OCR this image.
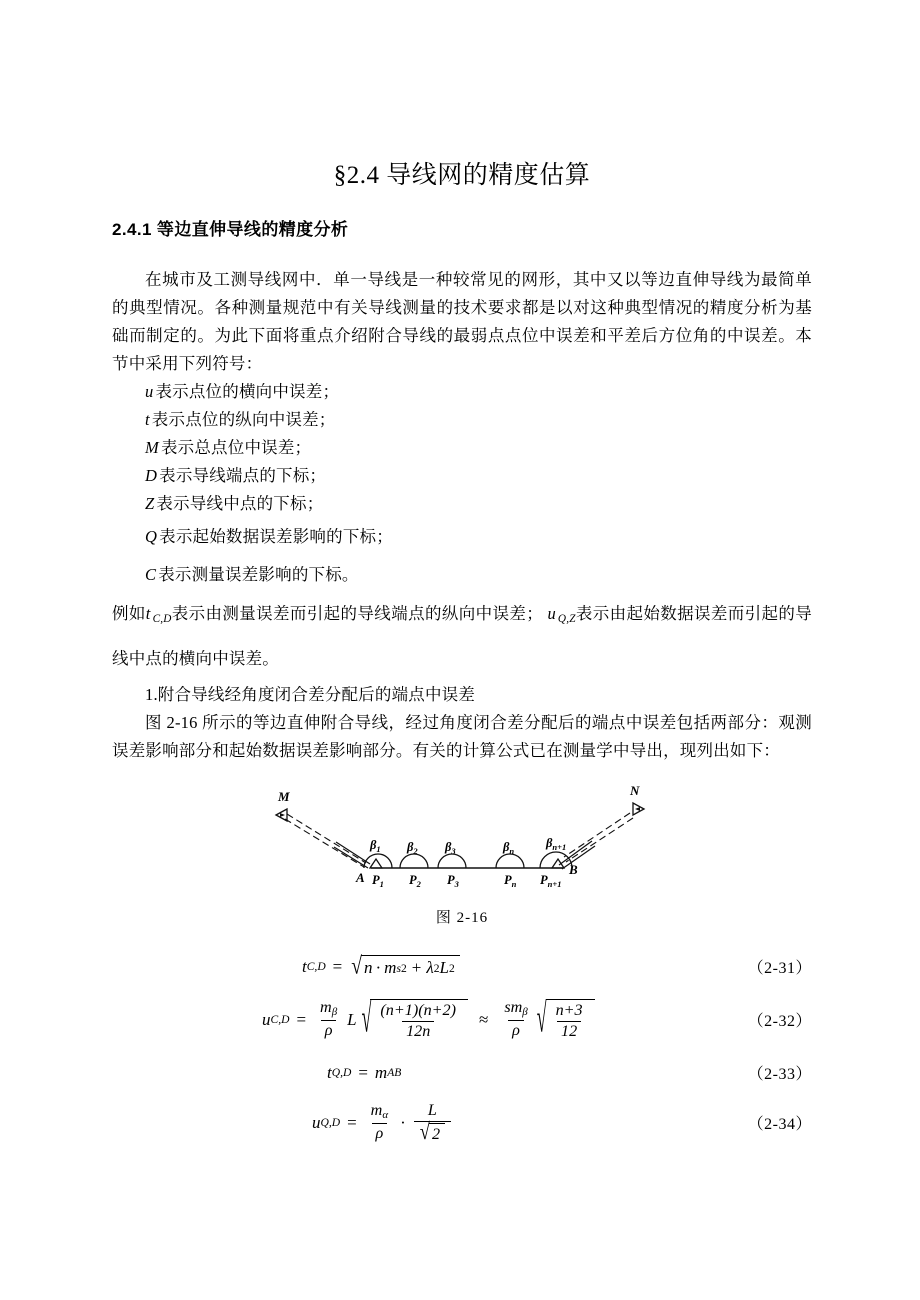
§2.4 导线网的精度估算
2.4.1 等边直伸导线的精度分析

在城市及工测导线网中．单一导线是一种较常见的网形，其中又以等边直伸导线为最简单的典型情况。各种测量规范中有关导线测量的技术要求都是以对这种典型情况的精度分析为基础而制定的。为此下面将重点介绍附合导线的最弱点点位中误差和平差后方位角的中误差。本节中采用下列符号：

u 表示点位的横向中误差；
t 表示点位的纵向中误差；
M 表示总点位中误差；
D 表示导线端点的下标；
Z 表示导线中点的下标；
Q 表示起始数据误差影响的下标；
C 表示测量误差影响的下标。

例如t $_{C,D}$表示由测量误差而引起的导线端点的纵向中误差； u $_{Q,Z}$表示由起始数据误差而引起的导线中点的横向中误差。

1.附合导线经角度闭合差分配后的端点中误差

图 2-16 所示的等边直伸附合导线，经过角度闭合差分配后的端点中误差包括两部分：观测误差影响部分和起始数据误差影响部分。有关的计算公式已在测量学中导出，现列出如下：

M	N
$\beta_1$ $\beta_2$ $\beta_3$	$\beta_n$
$\beta_{n+1}$
A $P_1$ $P_2$ $P_3$	$P_n$ $P_{n+1}$
B
图 2-16
t C,D = √ n · m s 2 + λ 2 L 2	（2-31）
u $C,D = \frac{m_\beta}{\rho}$ L √ $\frac{(n+1)(n+2)}{12n} \approx \frac{sm_\beta}{\rho}$ √ $\frac{n+3}{12}$	（2-32）
t Q,D = m AB	（2-33）
u $Q,D = \frac{m_\alpha}{\rho} \cdot \frac{L}{√ 2}$	（2-34）
